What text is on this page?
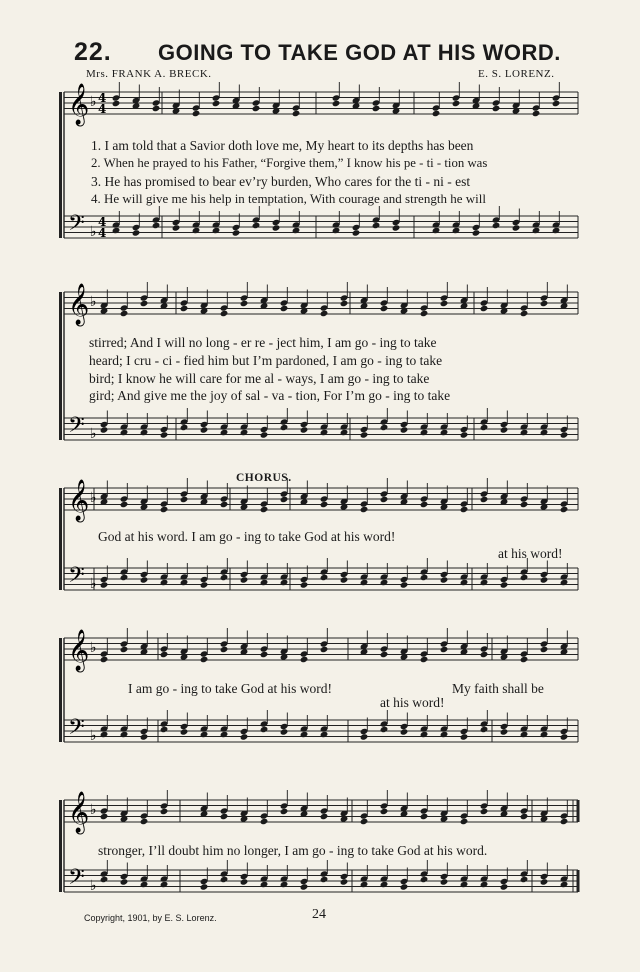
22. GOING TO TAKE GOD AT HIS WORD.
Mrs. FRANK A. BRECK.	E. S. LORENZ.
𝄞
𝄢
♭
♭
4
4
4
4
𝄞
𝄢
♭
♭
𝄞
𝄢
♭
♭
𝄞
𝄢
♭
♭
𝄞
𝄢
♭
♭
1. I am told that a Savior doth love me, My heart to its depths has been
2. When he prayed to his Father, “Forgive them,” I know his pe - ti - tion was
3. He has promised to bear ev’ry burden, Who cares for the ti - ni - est
4. He will give me his help in temptation, With courage and strength he will
stirred; And I will no long - er re - ject him, I am go - ing to take
heard; I cru - ci - fied him but I’m pardoned, I am go - ing to take
bird; I know he will care for me al - ways, I am go - ing to take
gird; And give me the joy of sal - va - tion, For I’m go - ing to take
CHORUS.
God at his word. I am go - ing to take God at his word!
at his word!
I am go - ing to take God at his word!
at his word!
My faith shall be
stronger, I’ll doubt him no longer, I am go - ing to take God at his word.
Copyright, 1901, by E. S. Lorenz.	24
